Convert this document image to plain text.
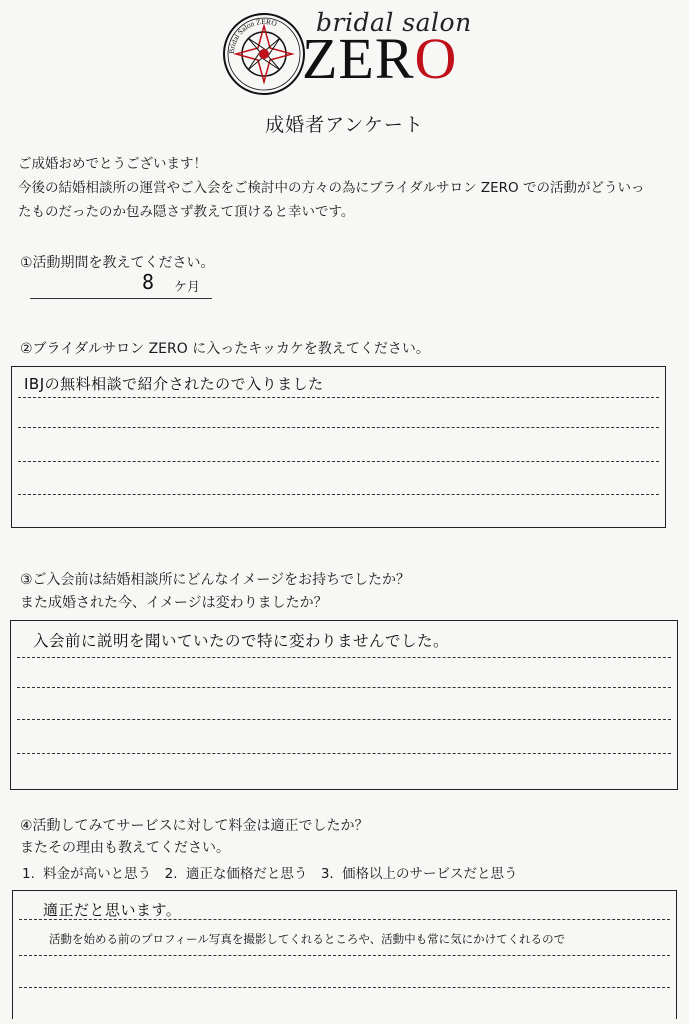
Bridal Salon ZERO bridal salon
ZERO
成婚者アンケート
ご成婚おめでとうございます！
今後の結婚相談所の運営やご入会をご検討中の方々の為にブライダルサロン ZERO での活動がどういっ
たものだったのか包み隠さず教えて頂けると幸いです。
①活動期間を教えてください。
8 ケ月
②ブライダルサロン ZERO に入ったキッカケを教えてください。
IBJの無料相談で紹介されたので入りました
③ご入会前は結婚相談所にどんなイメージをお持ちでしたか？
また成婚された今、イメージは変わりましたか？
入会前に説明を聞いていたので特に変わりませんでした。
④活動してみてサービスに対して料金は適正でしたか？
またその理由も教えてください。
1. 料金が高いと思う　2. 適正な価格だと思う　3. 価格以上のサービスだと思う
適正だと思います。
活動を始める前のプロフィール写真を撮影してくれるところや、活動中も常に気にかけてくれるので
